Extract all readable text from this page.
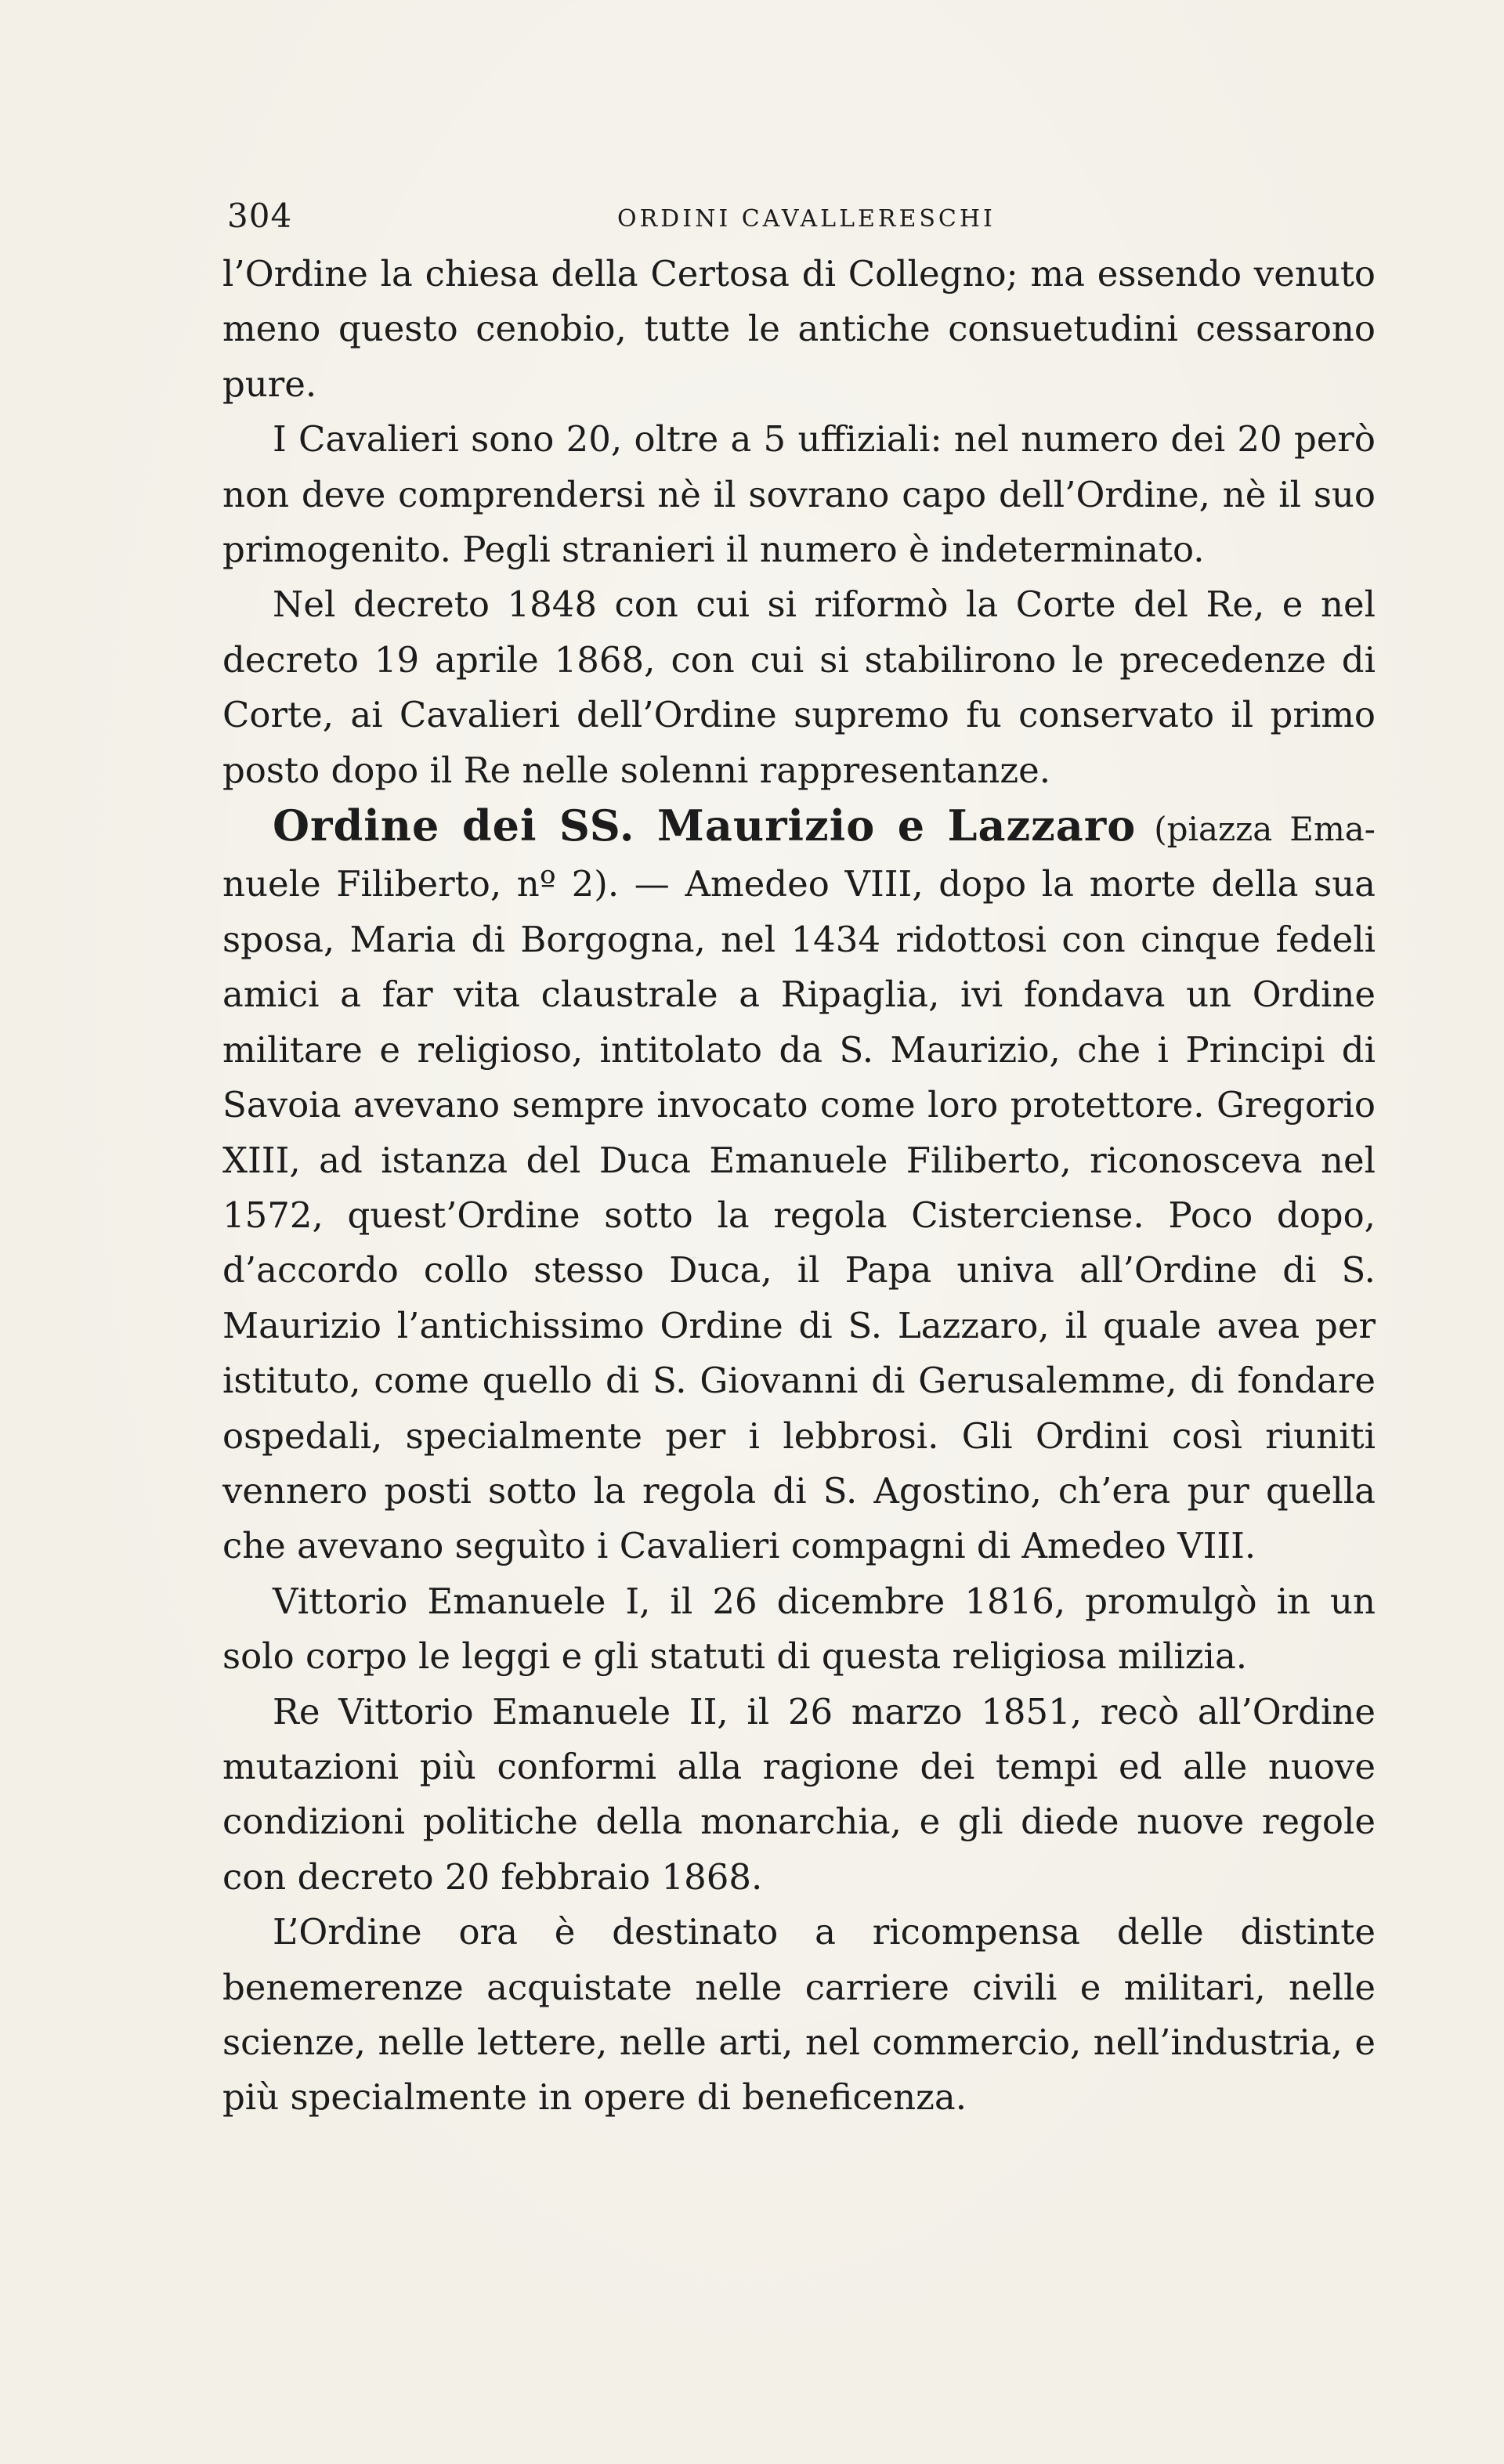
304	ORDINI CAVALLERESCHI

l’Ordine la chiesa della Certosa di Collegno; ma essendo venuto meno questo cenobio, tutte le antiche consuetudini cessarono pure.

I Cavalieri sono 20, oltre a 5 uffiziali: nel numero dei 20 però non deve comprendersi nè il sovrano capo dell’Ordine, nè il suo primogenito. Pegli stranieri il numero è indeterminato.

Nel decreto 1848 con cui si riformò la Corte del Re, e nel decreto 19 aprile 1868, con cui si stabilirono le precedenze di Corte, ai Cavalieri dell’Ordine supremo fu conservato il primo posto dopo il Re nelle solenni rappresentanze.

Ordine dei SS. Maurizio e Lazzaro (piazza Ema- nuele Filiberto, nº 2). — Amedeo VIII, dopo la morte della sua sposa, Maria di Borgogna, nel 1434 ridottosi con cinque fedeli amici a far vita claustrale a Ripaglia, ivi fondava un Ordine militare e religioso, intitolato da S. Maurizio, che i Principi di Savoia avevano sempre invocato come loro protettore. Gregorio XIII, ad istanza del Duca Emanuele Filiberto, riconosceva nel 1572, quest’Ordine sotto la regola Cisterciense. Poco dopo, d’accordo collo stesso Duca, il Papa univa all’Ordine di S. Maurizio l’antichissimo Ordine di S. Lazzaro, il quale avea per istituto, come quello di S. Giovanni di Gerusalemme, di fondare ospedali, specialmente per i lebbrosi. Gli Ordini così riuniti vennero posti sotto la regola di S. Agostino, ch’era pur quella che avevano seguìto i Cavalieri compagni di Amedeo VIII.

Vittorio Emanuele I, il 26 dicembre 1816, promulgò in un solo corpo le leggi e gli statuti di questa religiosa milizia.

Re Vittorio Emanuele II, il 26 marzo 1851, recò all’Ordine mutazioni più conformi alla ragione dei tempi ed alle nuove condizioni politiche della monarchia, e gli diede nuove regole con decreto 20 febbraio 1868.

L’Ordine ora è destinato a ricompensa delle distinte benemerenze acquistate nelle carriere civili e militari, nelle scienze, nelle lettere, nelle arti, nel commercio, nell’industria, e più specialmente in opere di beneficenza.
